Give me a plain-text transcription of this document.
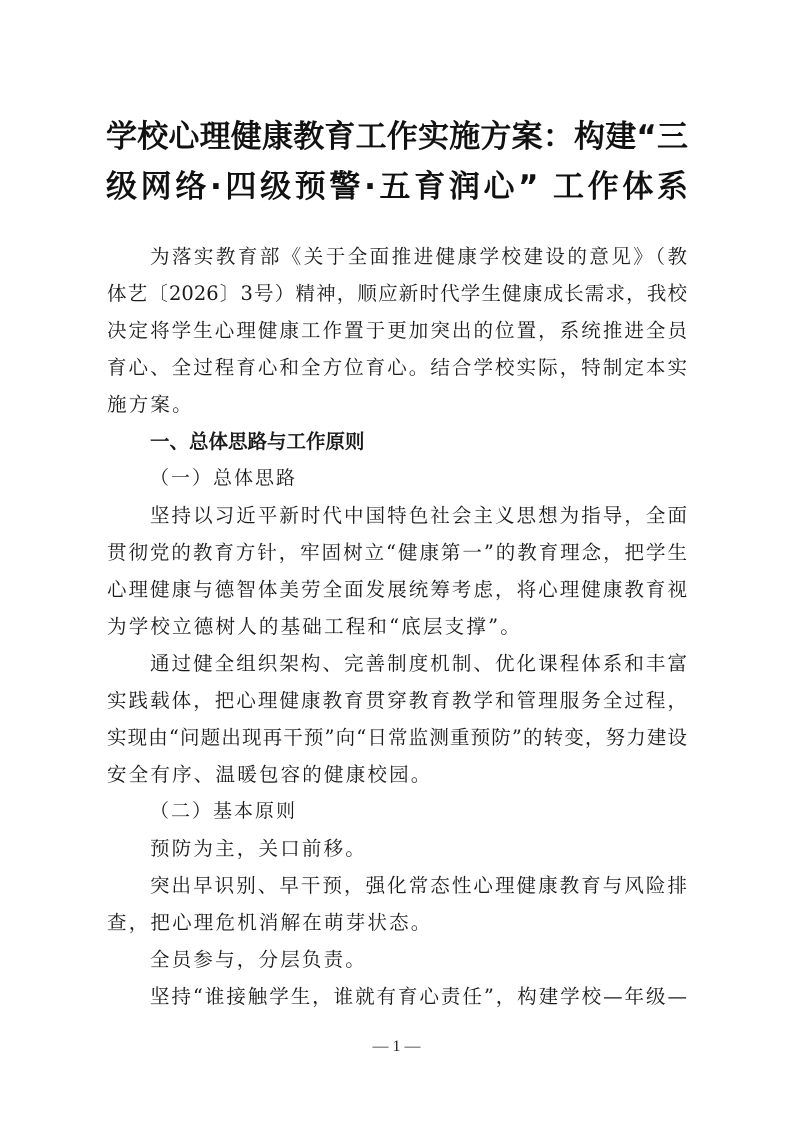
学校心理健康教育工作实施方案：构建“三
级网络·四级预警·五育润心” 工作体系
为落实教育部《关于全面推进健康学校建设的意见》（教
体艺〔2026〕3号）精神，顺应新时代学生健康成长需求，我校
决定将学生心理健康工作置于更加突出的位置，系统推进全员
育心、全过程育心和全方位育心。结合学校实际，特制定本实
施方案。
一、总体思路与工作原则
（一）总体思路
坚持以习近平新时代中国特色社会主义思想为指导，全面
贯彻党的教育方针，牢固树立“健康第一”的教育理念，把学生
心理健康与德智体美劳全面发展统筹考虑，将心理健康教育视
为学校立德树人的基础工程和“底层支撑”。
通过健全组织架构、完善制度机制、优化课程体系和丰富
实践载体，把心理健康教育贯穿教育教学和管理服务全过程，
实现由“问题出现再干预”向“日常监测重预防”的转变，努力建设
安全有序、温暖包容的健康校园。
（二）基本原则
预防为主，关口前移。
突出早识别、早干预，强化常态性心理健康教育与风险排
查，把心理危机消解在萌芽状态。
全员参与，分层负责。
坚持“谁接触学生，谁就有育心责任”，构建学校—年级—
— 1 —
